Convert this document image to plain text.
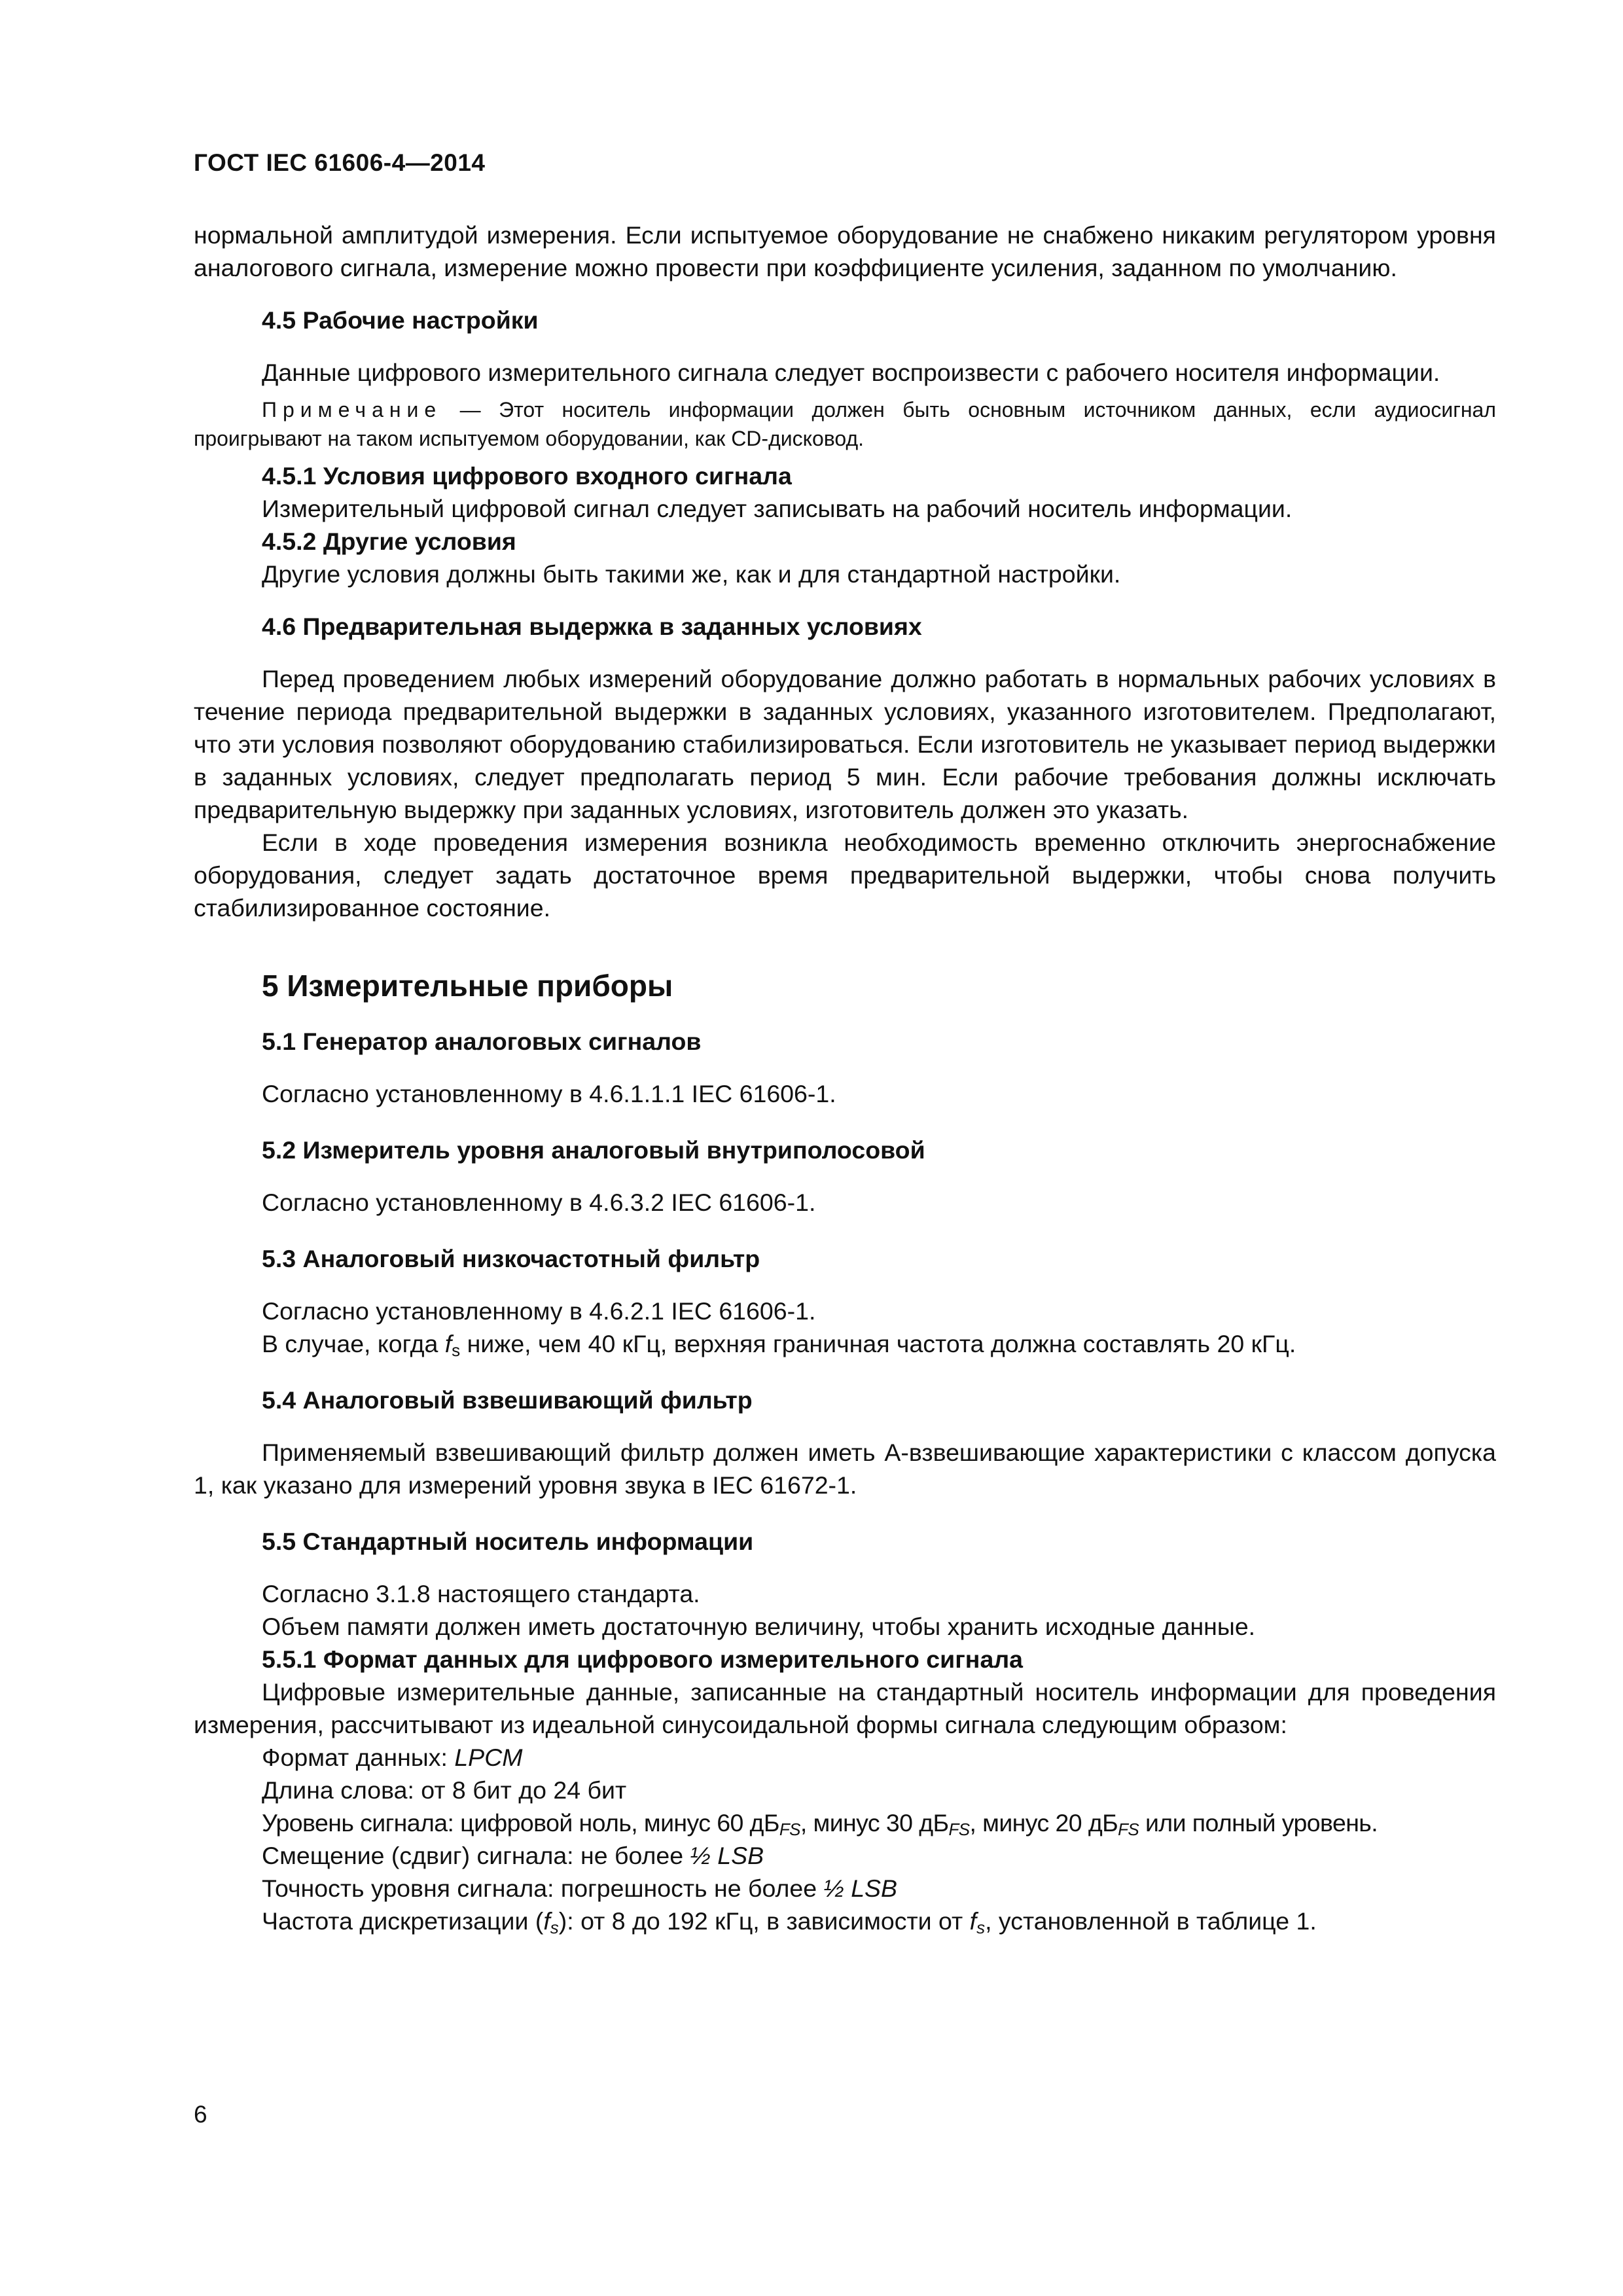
ГОСТ IEC 61606-4—2014

нормальной амплитудой измерения. Если испытуемое оборудование не снабжено никаким регулятором уровня аналогового сигнала, измерение можно провести при коэффициенте усиления, заданном по умолчанию.

4.5 Рабочие настройки

Данные цифрового измерительного сигнала следует воспроизвести с рабочего носителя информации.

Примечание — Этот носитель информации должен быть основным источником данных, если аудиосигнал проигрывают на таком испытуемом оборудовании, как CD-дисковод.

4.5.1 Условия цифрового входного сигнала

Измерительный цифровой сигнал следует записывать на рабочий носитель информации.

4.5.2 Другие условия

Другие условия должны быть такими же, как и для стандартной настройки.

4.6 Предварительная выдержка в заданных условиях

Перед проведением любых измерений оборудование должно работать в нормальных рабочих условиях в течение периода предварительной выдержки в заданных условиях, указанного изготовителем. Предполагают, что эти условия позволяют оборудованию стабилизироваться. Если изготовитель не указывает период выдержки в заданных условиях, следует предполагать период 5 мин. Если рабочие требования должны исключать предварительную выдержку при заданных условиях, изготовитель должен это указать.

Если в ходе проведения измерения возникла необходимость временно отключить энергоснабжение оборудования, следует задать достаточное время предварительной выдержки, чтобы снова получить стабилизированное состояние.

5 Измерительные приборы

5.1 Генератор аналоговых сигналов

Согласно установленному в 4.6.1.1.1 IEC 61606-1.

5.2 Измеритель уровня аналоговый внутриполосовой

Согласно установленному в 4.6.3.2 IEC 61606-1.

5.3 Аналоговый низкочастотный фильтр

Согласно установленному в 4.6.2.1 IEC 61606-1.

В случае, когда $f_s$ ниже, чем 40 кГц, верхняя граничная частота должна составлять 20 кГц.

5.4 Аналоговый взвешивающий фильтр

Применяемый взвешивающий фильтр должен иметь A-взвешивающие характеристики с классом допуска 1, как указано для измерений уровня звука в IEC 61672-1.

5.5 Стандартный носитель информации

Согласно 3.1.8 настоящего стандарта.

Объем памяти должен иметь достаточную величину, чтобы хранить исходные данные.

5.5.1 Формат данных для цифрового измерительного сигнала

Цифровые измерительные данные, записанные на стандартный носитель информации для проведения измерения, рассчитывают из идеальной синусоидальной формы сигнала следующим образом:

Формат данных: LPCM

Длина слова: от 8 бит до 24 бит

Уровень сигнала: цифровой ноль, минус 60 $дБ_{FS}$, минус 30 $дБ_{FS}$, минус 20 $дБ_{FS}$ или полный уровень.

Смещение (сдвиг) сигнала: не более ½ LSB

Точность уровня сигнала: погрешность не более ½ LSB

Частота дискретизации $(f_s)$: от 8 до 192 кГц, в зависимости от $f_s$, установленной в таблице 1.

6
